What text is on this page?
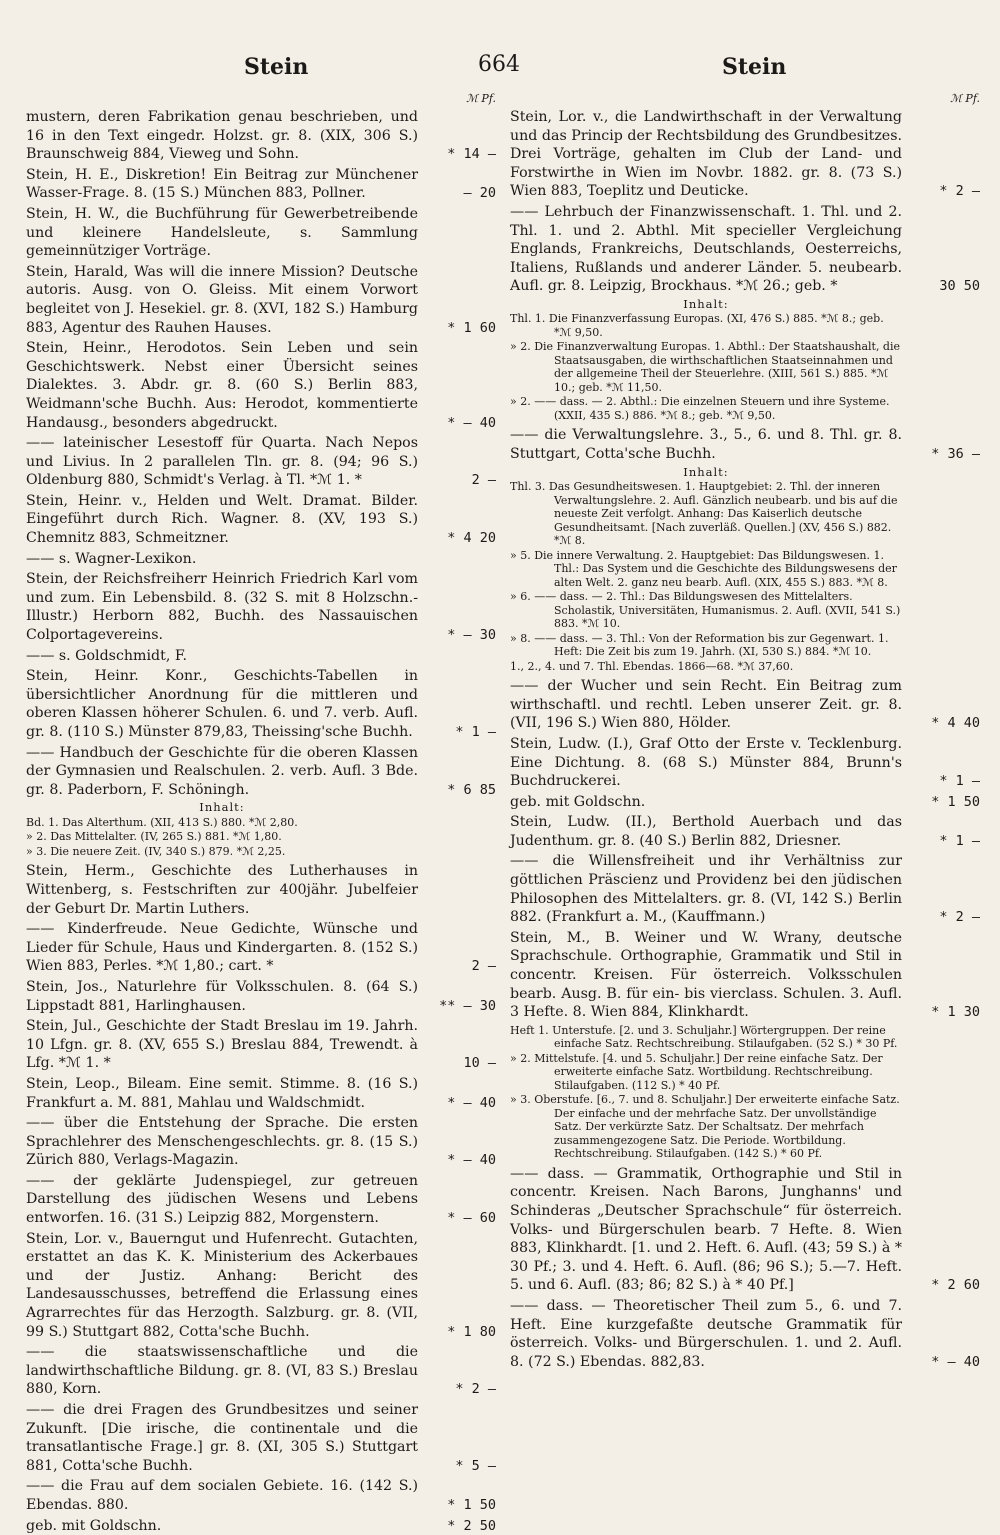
Stein	664	Stein
ℳ Pf.
mustern, deren Fabrikation genau beschrieben, und 16 in den Text eingedr. Holzst. gr. 8. (XIX, 306 S.) Braunschweig 884, Vieweg und Sohn.	* 14 —
Stein, H. E., Diskretion! Ein Beitrag zur Münchener Wasser-Frage. 8. (15 S.) München 883, Pollner.	— 20
Stein, H. W., die Buchführung für Gewerbetreibende und kleinere Handelsleute, s. Sammlung gemeinnütziger Vorträge.
Stein, Harald, Was will die innere Mission? Deutsche autoris. Ausg. von O. Gleiss. Mit einem Vorwort begleitet von J. Hesekiel. gr. 8. (XVI, 182 S.) Hamburg 883, Agentur des Rauhen Hauses.	* 1 60
Stein, Heinr., Herodotos. Sein Leben und sein Geschichtswerk. Nebst einer Übersicht seines Dialektes. 3. Abdr. gr. 8. (60 S.) Berlin 883, Weidmann'sche Buchh. Aus: Herodot, kommentierte Handausg., besonders abgedruckt.	* — 40
—— lateinischer Lesestoff für Quarta. Nach Nepos und Livius. In 2 parallelen Tln. gr. 8. (94; 96 S.) Oldenburg 880, Schmidt's Verlag. à Tl. *ℳ 1. *	2 —
Stein, Heinr. v., Helden und Welt. Dramat. Bilder. Eingeführt durch Rich. Wagner. 8. (XV, 193 S.) Chemnitz 883, Schmeitzner.	* 4 20
—— s. Wagner-Lexikon.
Stein, der Reichsfreiherr Heinrich Friedrich Karl vom und zum. Ein Lebensbild. 8. (32 S. mit 8 Holzschn.-Illustr.) Herborn 882, Buchh. des Nassauischen Colportagevereins.	* — 30
—— s. Goldschmidt, F.
Stein, Heinr. Konr., Geschichts-Tabellen in übersichtlicher Anordnung für die mittleren und oberen Klassen höherer Schulen. 6. und 7. verb. Aufl. gr. 8. (110 S.) Münster 879,83, Theissing'sche Buchh.	* 1 —
—— Handbuch der Geschichte für die oberen Klassen der Gymnasien und Realschulen. 2. verb. Aufl. 3 Bde. gr. 8. Paderborn, F. Schöningh.	* 6 85
Inhalt:
Bd. 1. Das Alterthum. (XII, 413 S.) 880. *ℳ 2,80.
» 2. Das Mittelalter. (IV, 265 S.) 881. *ℳ 1,80.
» 3. Die neuere Zeit. (IV, 340 S.) 879. *ℳ 2,25.
Stein, Herm., Geschichte des Lutherhauses in Wittenberg, s. Festschriften zur 400jähr. Jubelfeier der Geburt Dr. Martin Luthers.
—— Kinderfreude. Neue Gedichte, Wünsche und Lieder für Schule, Haus und Kindergarten. 8. (152 S.) Wien 883, Perles. *ℳ 1,80.; cart. *	2 —
Stein, Jos., Naturlehre für Volksschulen. 8. (64 S.) Lippstadt 881, Harlinghausen.	** — 30
Stein, Jul., Geschichte der Stadt Breslau im 19. Jahrh. 10 Lfgn. gr. 8. (XV, 655 S.) Breslau 884, Trewendt. à Lfg. *ℳ 1. *	10 —
Stein, Leop., Bileam. Eine semit. Stimme. 8. (16 S.) Frankfurt a. M. 881, Mahlau und Waldschmidt.	* — 40
—— über die Entstehung der Sprache. Die ersten Sprachlehrer des Menschengeschlechts. gr. 8. (15 S.) Zürich 880, Verlags-Magazin.	* — 40
—— der geklärte Judenspiegel, zur getreuen Darstellung des jüdischen Wesens und Lebens entworfen. 16. (31 S.) Leipzig 882, Morgenstern.	* — 60
Stein, Lor. v., Bauerngut und Hufenrecht. Gutachten, erstattet an das K. K. Ministerium des Ackerbaues und der Justiz. Anhang: Bericht des Landesausschusses, betreffend die Erlassung eines Agrarrechtes für das Herzogth. Salzburg. gr. 8. (VII, 99 S.) Stuttgart 882, Cotta'sche Buchh.	* 1 80
—— die staatswissenschaftliche und die landwirthschaftliche Bildung. gr. 8. (VI, 83 S.) Breslau 880, Korn.	* 2 —
—— die drei Fragen des Grundbesitzes und seiner Zukunft. [Die irische, die continentale und die transatlantische Frage.] gr. 8. (XI, 305 S.) Stuttgart 881, Cotta'sche Buchh.	* 5 —
—— die Frau auf dem socialen Gebiete. 16. (142 S.) Ebendas. 880.	* 1 50
geb. mit Goldschn.	* 2 50
ℳ Pf.
Stein, Lor. v., die Landwirthschaft in der Verwaltung und das Princip der Rechtsbildung des Grundbesitzes. Drei Vorträge, gehalten im Club der Land- und Forstwirthe in Wien im Novbr. 1882. gr. 8. (73 S.) Wien 883, Toeplitz und Deuticke.	* 2 —
—— Lehrbuch der Finanzwissenschaft. 1. Thl. und 2. Thl. 1. und 2. Abthl. Mit specieller Vergleichung Englands, Frankreichs, Deutschlands, Oesterreichs, Italiens, Rußlands und anderer Länder. 5. neubearb. Aufl. gr. 8. Leipzig, Brockhaus. *ℳ 26.; geb. *	30 50
Inhalt:
Thl. 1. Die Finanzverfassung Europas. (XI, 476 S.) 885. *ℳ 8.; geb. *ℳ 9,50.
» 2. Die Finanzverwaltung Europas. 1. Abthl.: Der Staatshaushalt, die Staatsausgaben, die wirthschaftlichen Staatseinnahmen und der allgemeine Theil der Steuerlehre. (XIII, 561 S.) 885. *ℳ 10.; geb. *ℳ 11,50.
» 2. —— dass. — 2. Abthl.: Die einzelnen Steuern und ihre Systeme. (XXII, 435 S.) 886. *ℳ 8.; geb. *ℳ 9,50.
—— die Verwaltungslehre. 3., 5., 6. und 8. Thl. gr. 8. Stuttgart, Cotta'sche Buchh.	* 36 —
Inhalt:
Thl. 3. Das Gesundheitswesen. 1. Hauptgebiet: 2. Thl. der inneren Verwaltungslehre. 2. Aufl. Gänzlich neubearb. und bis auf die neueste Zeit verfolgt. Anhang: Das Kaiserlich deutsche Gesundheitsamt. [Nach zuverläß. Quellen.] (XV, 456 S.) 882. *ℳ 8.
» 5. Die innere Verwaltung. 2. Hauptgebiet: Das Bildungswesen. 1. Thl.: Das System und die Geschichte des Bildungswesens der alten Welt. 2. ganz neu bearb. Aufl. (XIX, 455 S.) 883. *ℳ 8.
» 6. —— dass. — 2. Thl.: Das Bildungswesen des Mittelalters. Scholastik, Universitäten, Humanismus. 2. Aufl. (XVII, 541 S.) 883. *ℳ 10.
» 8. —— dass. — 3. Thl.: Von der Reformation bis zur Gegenwart. 1. Heft: Die Zeit bis zum 19. Jahrh. (XI, 530 S.) 884. *ℳ 10.
1., 2., 4. und 7. Thl. Ebendas. 1866—68. *ℳ 37,60.
—— der Wucher und sein Recht. Ein Beitrag zum wirthschaftl. und rechtl. Leben unserer Zeit. gr. 8. (VII, 196 S.) Wien 880, Hölder.	* 4 40
Stein, Ludw. (I.), Graf Otto der Erste v. Tecklenburg. Eine Dichtung. 8. (68 S.) Münster 884, Brunn's Buchdruckerei.	* 1 —
geb. mit Goldschn.	* 1 50
Stein, Ludw. (II.), Berthold Auerbach und das Judenthum. gr. 8. (40 S.) Berlin 882, Driesner.	* 1 —
—— die Willensfreiheit und ihr Verhältniss zur göttlichen Präscienz und Providenz bei den jüdischen Philosophen des Mittelalters. gr. 8. (VI, 142 S.) Berlin 882. (Frankfurt a. M., (Kauffmann.)	* 2 —
Stein, M., B. Weiner und W. Wrany, deutsche Sprachschule. Orthographie, Grammatik und Stil in concentr. Kreisen. Für österreich. Volksschulen bearb. Ausg. B. für ein- bis vierclass. Schulen. 3. Aufl. 3 Hefte. 8. Wien 884, Klinkhardt.	* 1 30
Heft 1. Unterstufe. [2. und 3. Schuljahr.] Wörtergruppen. Der reine einfache Satz. Rechtschreibung. Stilaufgaben. (52 S.) * 30 Pf.
» 2. Mittelstufe. [4. und 5. Schuljahr.] Der reine einfache Satz. Der erweiterte einfache Satz. Wortbildung. Rechtschreibung. Stilaufgaben. (112 S.) * 40 Pf.
» 3. Oberstufe. [6., 7. und 8. Schuljahr.] Der erweiterte einfache Satz. Der einfache und der mehrfache Satz. Der unvollständige Satz. Der verkürzte Satz. Der Schaltsatz. Der mehrfach zusammengezogene Satz. Die Periode. Wortbildung. Rechtschreibung. Stilaufgaben. (142 S.) * 60 Pf.
—— dass. — Grammatik, Orthographie und Stil in concentr. Kreisen. Nach Barons, Junghanns' und Schinderas „Deutscher Sprachschule“ für österreich. Volks- und Bürgerschulen bearb. 7 Hefte. 8. Wien 883, Klinkhardt. [1. und 2. Heft. 6. Aufl. (43; 59 S.) à * 30 Pf.; 3. und 4. Heft. 6. Aufl. (86; 96 S.); 5.—7. Heft. 5. und 6. Aufl. (83; 86; 82 S.) à * 40 Pf.]	* 2 60
—— dass. — Theoretischer Theil zum 5., 6. und 7. Heft. Eine kurzgefaßte deutsche Grammatik für österreich. Volks- und Bürgerschulen. 1. und 2. Aufl. 8. (72 S.) Ebendas. 882,83.	* — 40
